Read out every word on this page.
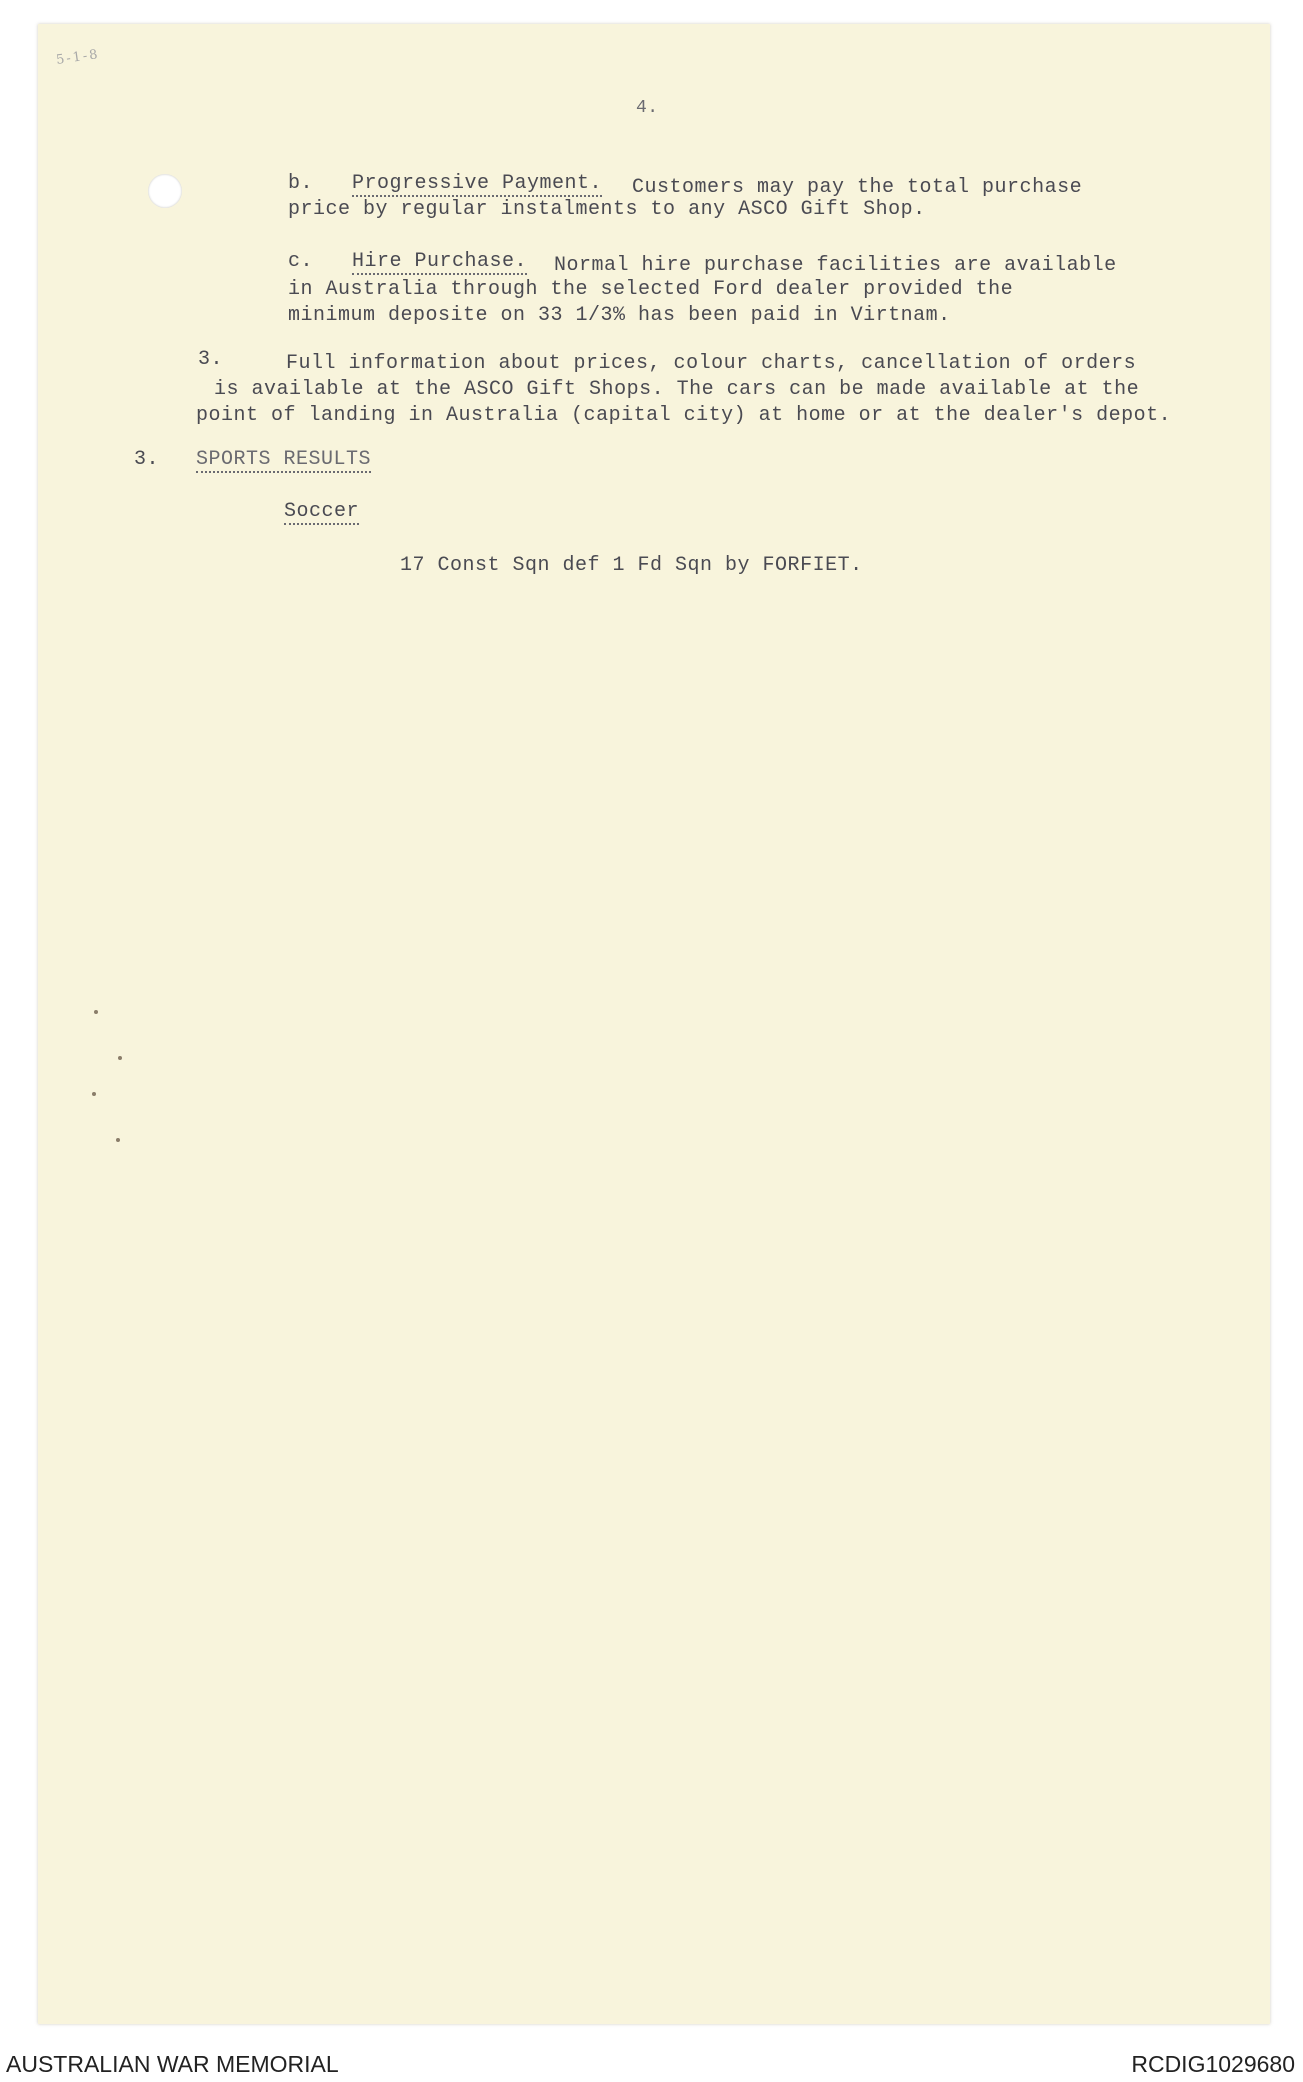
5-1-8
4.
b. Progressive Payment. Customers may pay the total purchase
price by regular instalments to any ASCO Gift Shop.
c. Hire Purchase. Normal hire purchase facilities are available
in Australia through the selected Ford dealer provided the
minimum deposite on 33 1/3% has been paid in Virtnam.
3.	Full information about prices, colour charts, cancellation of orders
is available at the ASCO Gift Shops. The cars can be made available at the
point of landing in Australia (capital city) at home or at the dealer's depot.
3. SPORTS RESULTS
Soccer
17 Const Sqn def 1 Fd Sqn by FORFIET.
AUSTRALIAN WAR MEMORIAL	RCDIG1029680
